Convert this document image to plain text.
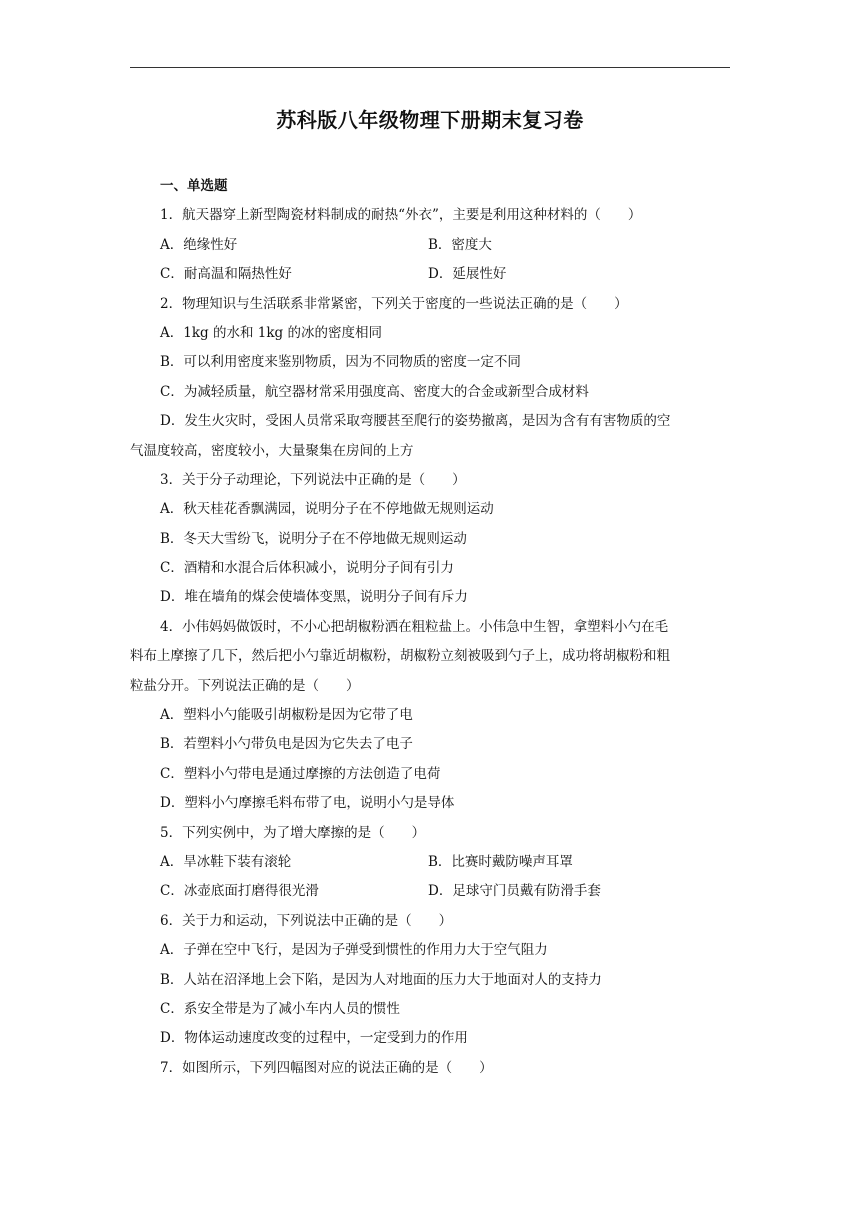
苏科版八年级物理下册期末复习卷
一、单选题
1．航天器穿上新型陶瓷材料制成的耐热“外衣”，主要是利用这种材料的（　　）
A．绝缘性好	B．密度大
C．耐高温和隔热性好	D．延展性好
2．物理知识与生活联系非常紧密，下列关于密度的一些说法正确的是（　　）
A．1kg 的水和 1kg 的冰的密度相同
B．可以利用密度来鉴别物质，因为不同物质的密度一定不同
C．为减轻质量，航空器材常采用强度高、密度大的合金或新型合成材料
D．发生火灾时，受困人员常采取弯腰甚至爬行的姿势撤离，是因为含有有害物质的空
气温度较高，密度较小，大量聚集在房间的上方
3．关于分子动理论，下列说法中正确的是（　　）
A．秋天桂花香飘满园，说明分子在不停地做无规则运动
B．冬天大雪纷飞，说明分子在不停地做无规则运动
C．酒精和水混合后体积减小，说明分子间有引力
D．堆在墙角的煤会使墙体变黑，说明分子间有斥力
4．小伟妈妈做饭时，不小心把胡椒粉洒在粗粒盐上。小伟急中生智，拿塑料小勺在毛
料布上摩擦了几下，然后把小勺靠近胡椒粉，胡椒粉立刻被吸到勺子上，成功将胡椒粉和粗
粒盐分开。下列说法正确的是（　　）
A．塑料小勺能吸引胡椒粉是因为它带了电
B．若塑料小勺带负电是因为它失去了电子
C．塑料小勺带电是通过摩擦的方法创造了电荷
D．塑料小勺摩擦毛料布带了电，说明小勺是导体
5．下列实例中，为了增大摩擦的是（　　）
A．旱冰鞋下装有滚轮	B．比赛时戴防噪声耳罩
C．冰壶底面打磨得很光滑	D．足球守门员戴有防滑手套
6．关于力和运动，下列说法中正确的是（　　）
A．子弹在空中飞行，是因为子弹受到惯性的作用力大于空气阻力
B．人站在沼泽地上会下陷，是因为人对地面的压力大于地面对人的支持力
C．系安全带是为了减小车内人员的惯性
D．物体运动速度改变的过程中，一定受到力的作用
7．如图所示，下列四幅图对应的说法正确的是（　　）
